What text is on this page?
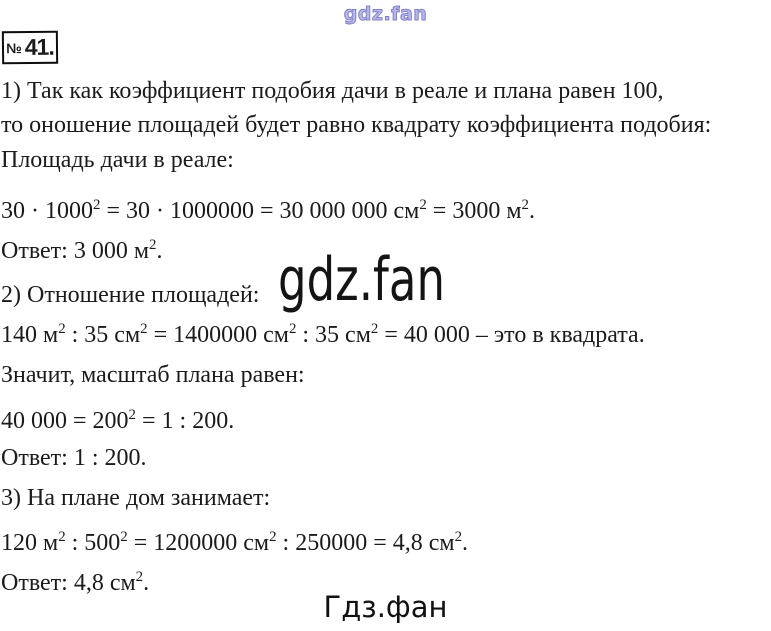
gdz.fan
№ 41.
1) Так как коэффициент подобия дачи в реале и плана равен 100,
то оношение площадей будет равно квадрату коэффициента подобия:
Площадь дачи в реале:
$30 \cdot 1000^2 = 30 \cdot 1000000 = 30$ 000 000 $см^2 = 3000$ $м^2$.
Ответ: 3 000 $м^2$.
2) Отношение площадей:
140 $м^2$ : 35 $см^2 = 1400000$ $см^2$ : 35 $см^2 = 40$ 000 – это в квадрата.
Значит, масштаб плана равен:
40 $000 = 200^2 = 1$ : 200.
Ответ: 1 : 200.
3) На плане дом занимает:
120 $м^2$ : $500^2 = 1200000$ $см^2$ : 250000 = 4,8 $см^2$.
Ответ: 4,8 $см^2$.
gdz.fan
Гдз.фан
